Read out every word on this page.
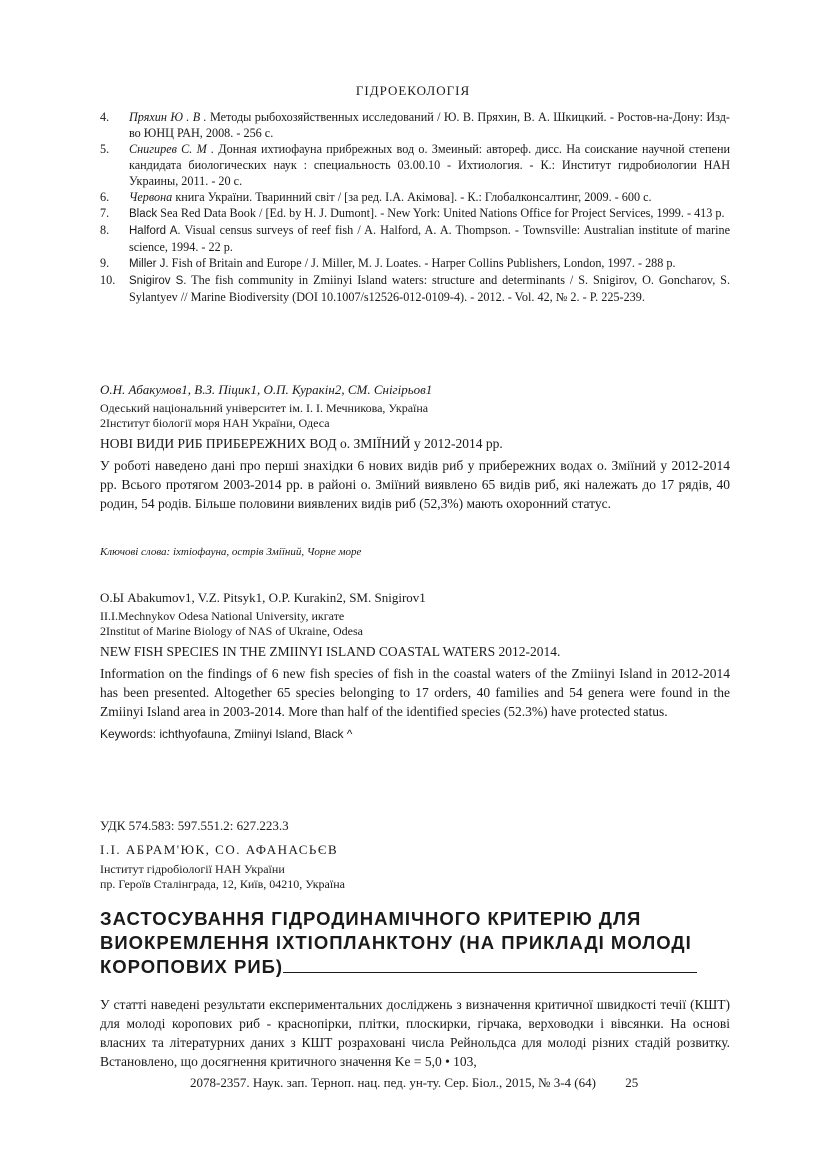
ГІДРОЕКОЛОГІЯ

4.	Пряхин Ю . В . Методы рыбохозяйственных исследований / Ю. В. Пряхин, В. А. Шкицкий. - Ростов-на-Дону: Изд-во ЮНЦ РАН, 2008. - 256 с.

5.	Снигирев С. М . Донная ихтиофауна прибрежных вод о. Змеиный: автореф. дисс. На соискание научной степени кандидата биологических наук : специальность 03.00.10 - Ихтиология. - К.: Институт гидробиологии НАН Украины, 2011. - 20 с.

6.	Червона книга України. Тваринний світ / [за ред. I.А. Акімова]. - К.: Глобалконсалтинг, 2009. - 600 с.

7.	Black Sea Red Data Book / [Ed. by H. J. Dumont]. - New York: United Nations Office for Project Services, 1999. - 413 p.

8.	Halford A. Visual census surveys of reef fish / A. Halford, A. A. Thompson. - Townsville: Australian institute of marine science, 1994. - 22 p.

9.	Miller J. Fish of Britain and Europe / J. Miller, M. J. Loates. - Harper Collins Publishers, London, 1997. - 288 p.

10.	Snigirov S. The fish community in Zmiinyi Island waters: structure and determinants / S. Snigirov, O. Goncharov, S. Sylantyev // Marine Biodiversity (DOI 10.1007/s12526-012-0109-4). - 2012. - Vol. 42, № 2. - P. 225-239.

О.Н. Абакумов1, В.З. Піцик1, О.П. Куракін2, СМ. Снігірьов1
Одеський національний університет ім. І. І. Мечникова, Україна
2Інститут біології моря НАН України, Одеса
НОВІ ВИДИ РИБ ПРИБЕРЕЖНИХ ВОД о. ЗМІЇНИЙ у 2012-2014 рр.
У роботі наведено дані про перші знахідки 6 нових видів риб у прибережних водах о. Зміїний у 2012-2014 рр. Всього протягом 2003-2014 рр. в районі о. Зміїний виявлено 65 видів риб, які належать до 17 рядів, 40 родин, 54 родів. Більше половини виявлених видів риб (52,3%) мають охоронний статус.
Ключові слова: іхтіофауна, острів Зміїний, Чорне море
О.Ы Abakumov1, V.Z. Pitsyk1, O.P. Kurakin2, SM. Snigirov1
II.I.Mechnykov Odesa National University, икгате
2Institut of Marine Biology of NAS of Ukraine, Odesa
NEW FISH SPECIES IN THE ZMIINYI ISLAND COASTAL WATERS 2012-2014.
Information on the findings of 6 new fish species of fish in the coastal waters of the Zmiinyi Island in 2012-2014 has been presented. Altogether 65 species belonging to 17 orders, 40 families and 54 genera were found in the Zmiinyi Island area in 2003-2014. More than half of the identified species (52.3%) have protected status.
Keywords: ichthyofauna, Zmiinyi Island, Black ^
УДК 574.583: 597.551.2: 627.223.3
І.І. АБРАМ'ЮК, СО. АФАНАСЬЄВ
Інститут гідробіології НАН України
пр. Героїв Сталінграда, 12, Київ, 04210, Україна
ЗАСТОСУВАННЯ ГІДРОДИНАМІЧНОГО КРИТЕРІЮ ДЛЯ
ВИОКРЕМЛЕННЯ ІХТІОПЛАНКТОНУ (НА ПРИКЛАДІ МОЛОДІ
КОРОПОВИХ РИБ)
У статті наведені результати експериментальних досліджень з визначення критичної швидкості течії (КШТ) для молоді коропових риб - краснопірки, плітки, плоскирки, гірчака, верховодки і вівсянки. На основі власних та літературних даних з КШТ розраховані числа Рейнольдса для молоді різних стадій розвитку. Встановлено, що досягнення критичного значення Ke = 5,0 • 103,
2078-2357. Наук. зап. Терноп. нац. пед. ун-ту. Сер. Біол., 2015, № 3-4 (64) 25
